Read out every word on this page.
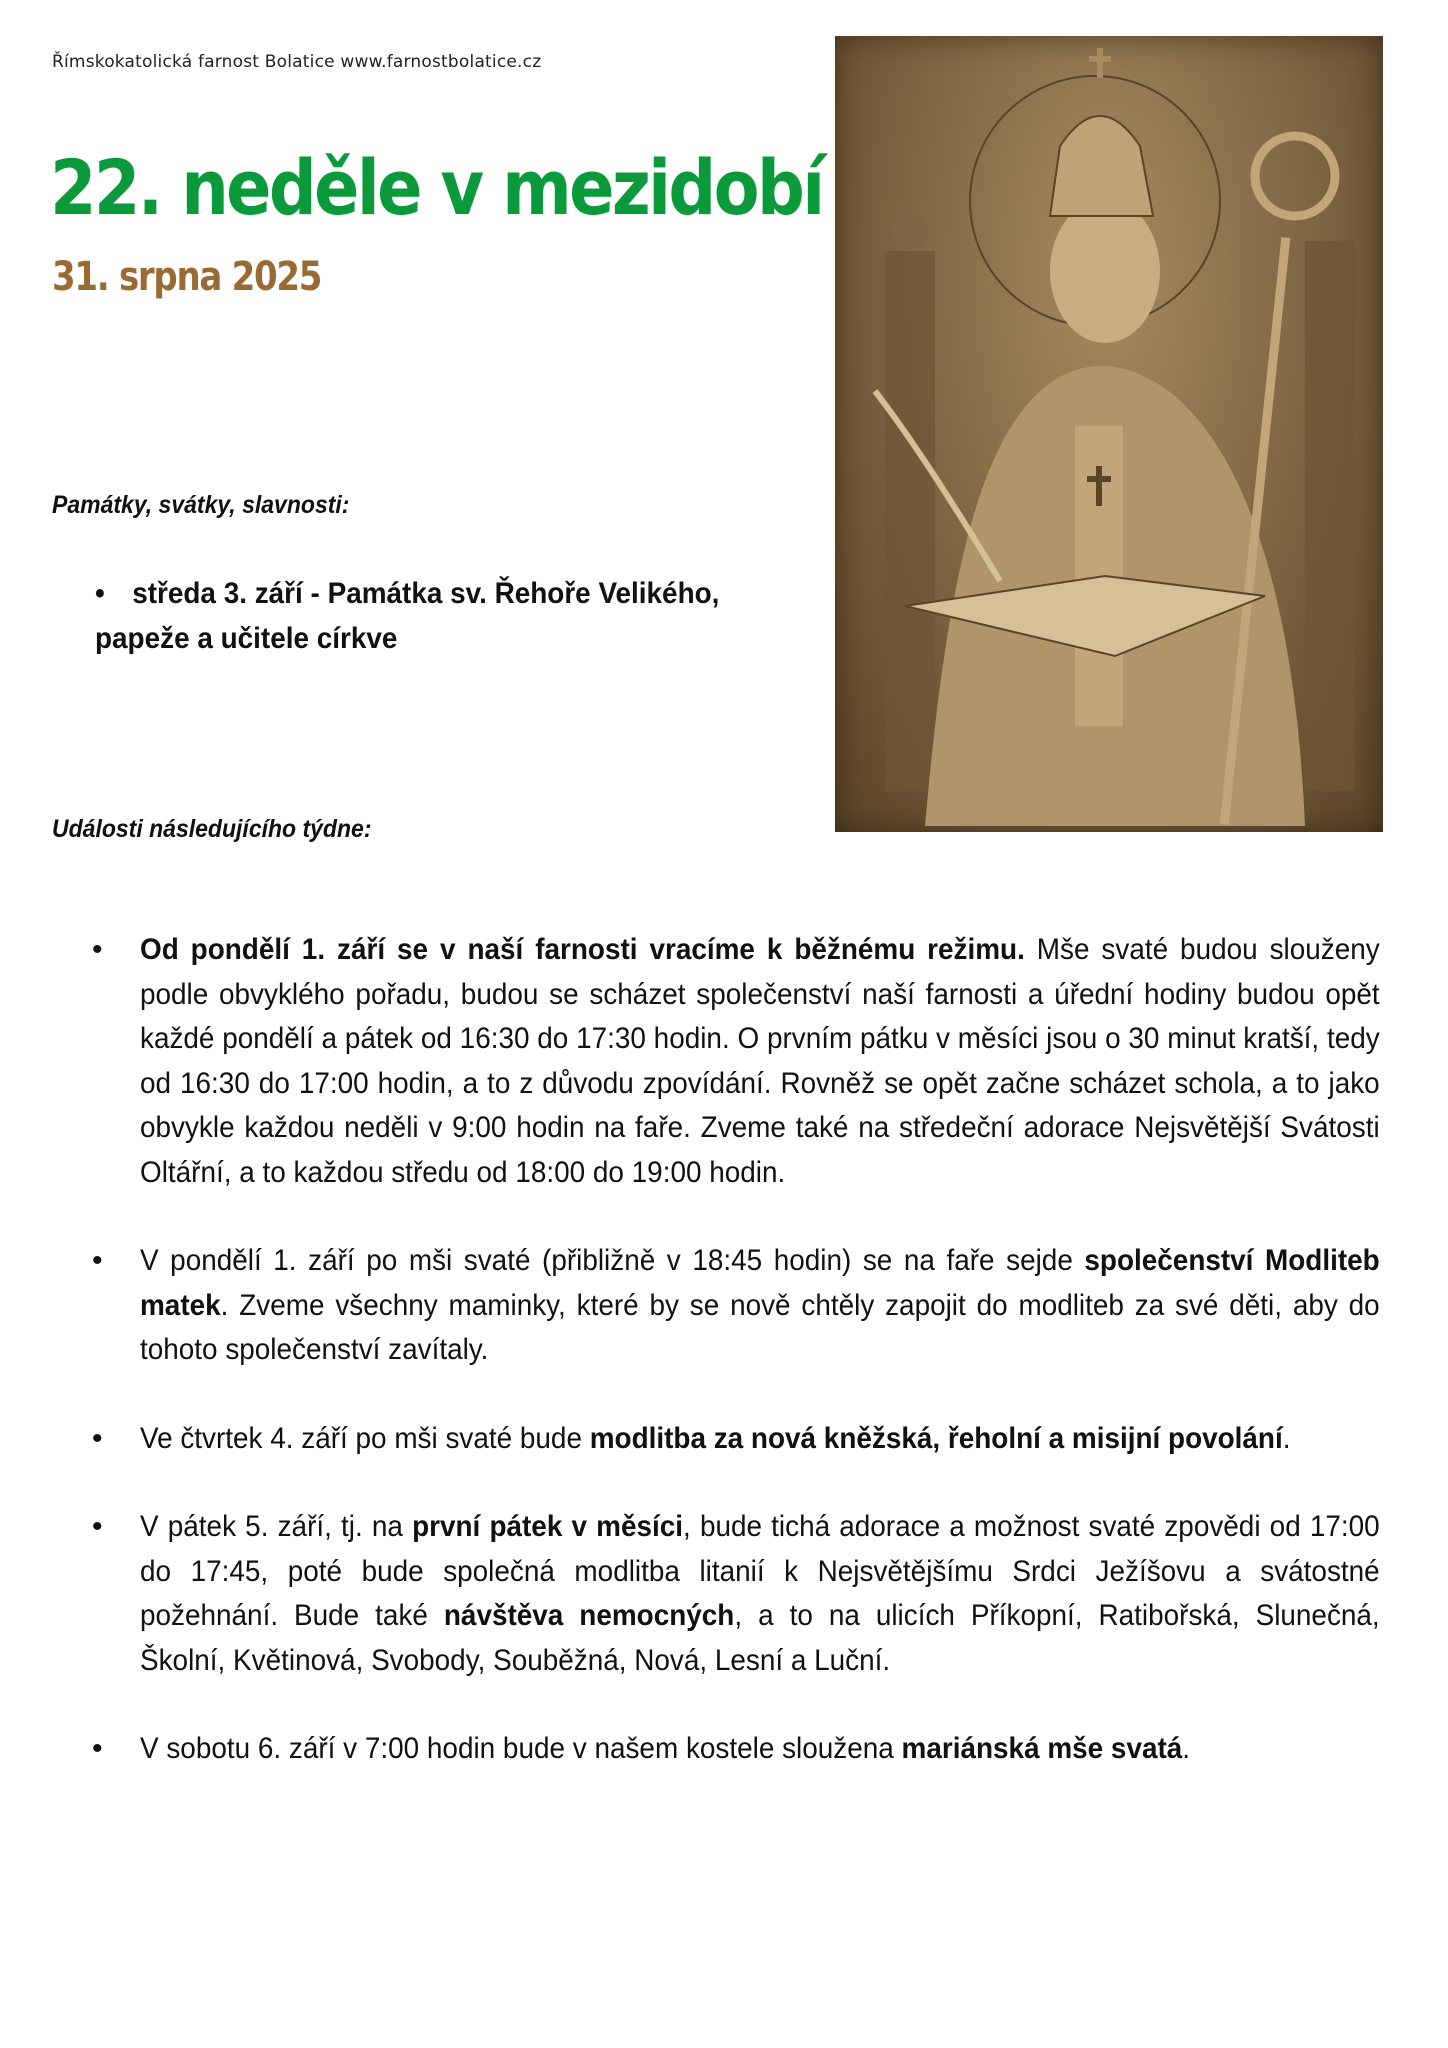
Římskokatolická farnost Bolatice www.farnostbolatice.cz
22. neděle v mezidobí
31. srpna 2025
Památky, svátky, slavnosti:
• středa 3. září - Památka sv. Řehoře Velikého, papeže a učitele církve
Události následujícího týdne:
• Od pondělí 1. září se v naší farnosti vracíme k běžnému režimu. Mše svaté budou slouženy podle obvyklého pořadu, budou se scházet společenství naší farnosti a úřední hodiny budou opět každé pondělí a pátek od 16:30 do 17:30 hodin. O prvním pátku v měsíci jsou o 30 minut kratší, tedy od 16:30 do 17:00 hodin, a to z důvodu zpovídání. Rovněž se opět začne scházet schola, a to jako obvykle každou neděli v 9:00 hodin na faře. Zveme také na středeční adorace Nejsvětější Svátosti Oltářní, a to každou středu od 18:00 do 19:00 hodin.
• V pondělí 1. září po mši svaté (přibližně v 18:45 hodin) se na faře sejde společenství Modliteb matek. Zveme všechny maminky, které by se nově chtěly zapojit do modliteb za své děti, aby do tohoto společenství zavítaly.
• Ve čtvrtek 4. září po mši svaté bude modlitba za nová kněžská, řeholní a misijní povolání.
• V pátek 5. září, tj. na první pátek v měsíci, bude tichá adorace a možnost svaté zpovědi od 17:00 do 17:45, poté bude společná modlitba litanií k Nejsvětějšímu Srdci Ježíšovu a svátostné požehnání. Bude také návštěva nemocných, a to na ulicích Příkopní, Ratibořská, Slunečná, Školní, Květinová, Svobody, Souběžná, Nová, Lesní a Luční.
• V sobotu 6. září v 7:00 hodin bude v našem kostele sloužena mariánská mše svatá.
